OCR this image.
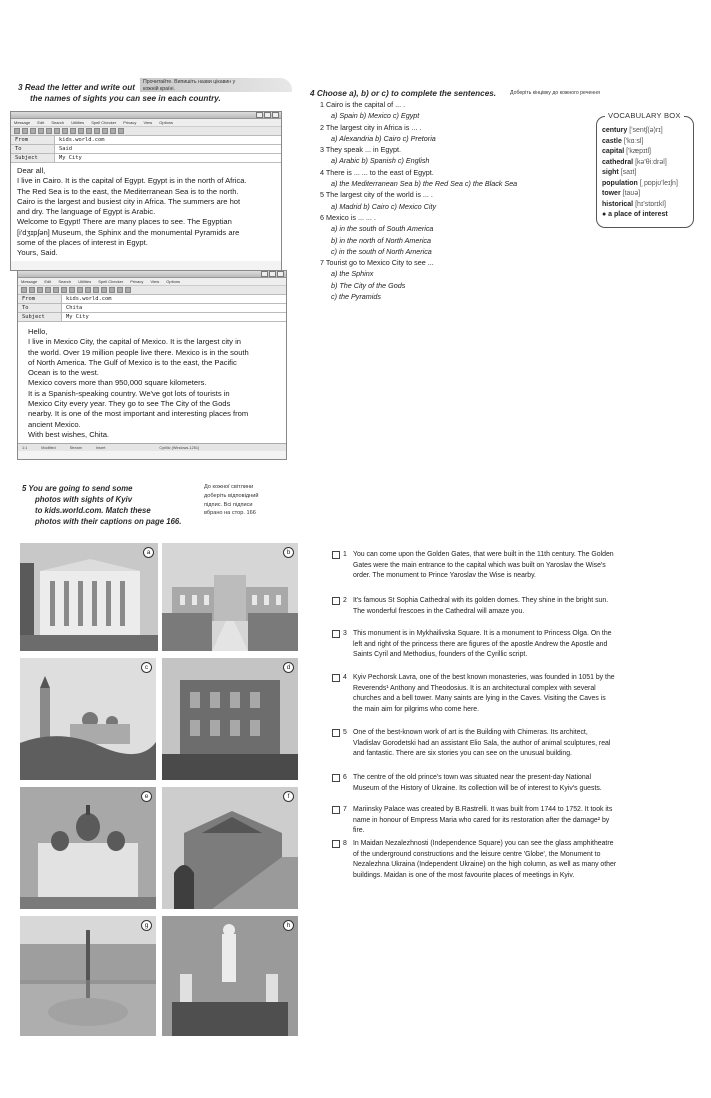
3 Read the letter and write out
the names of sights you can see in each country.
Прочитайте. Випишіть назви цікавин у
кожній країні.
Message Edit Search Utilities Spell Checker Privacy View Options
From	kids.world.com
To	Said
Subject	My City
Dear all,
I live in Cairo. It is the capital of Egypt. Egypt is in the north of Africa.
The Red Sea is to the east, the Mediterranean Sea is to the north.
Cairo is the largest and busiest city in Africa. The summers are hot
and dry. The language of Egypt is Arabic.
Welcome to Egypt! There are many places to see. The Egyptian
[i'dʒɪpʃən] Museum, the Sphinx and the monumental Pyramids are
some of the places of interest in Egypt.
Yours, Said.
Message Edit Search Utilities Spell Checker Privacy View Options
From	kids.world.com
To	Chita
Subject	My City
Hello,
I live in Mexico City, the capital of Mexico. It is the largest city in
the world. Over 19 million people live there. Mexico is in the south
of North America. The Gulf of Mexico is to the east, the Pacific
Ocean is to the west.
Mexico covers more than 950,000 square kilometers.
It is a Spanish-speaking country. We've got lots of tourists in
Mexico City every year. They go to see The City of the Gods
nearby. It is one of the most important and interesting places from
ancient Mexico.
With best wishes, Chita.
1:1	Modified	Stream	Insert	Cyrillic (Windows-1251)
4 Choose a), b) or c) to complete the sentences.	Доберіть кінцівку до кожного речення
1 Cairo is the capital of ... .
a) Spain b) Mexico c) Egypt
2 The largest city in Africa is ... .
a) Alexandria b) Cairo c) Pretoria
3 They speak ... in Egypt.
a) Arabic b) Spanish c) English
4 There is ... ... to the east of Egypt.
a) the Mediterranean Sea b) the Red Sea c) the Black Sea
5 The largest city of the world is ... .
a) Madrid b) Cairo c) Mexico City
6 Mexico is ... ... .
a) in the south of South America
b) in the north of North America
c) in the south of North America
7 Tourist go to Mexico City to see ...
a) the Sphinx
b) The City of the Gods
c) the Pyramids
VOCABULARY BOX
century ['sentʃ(ə)rɪ]
castle ['kɑːsl]
capital ['kæpɪtl]
cathedral [kə'θiːdrəl]
sight [saɪt]
population [ˌpɒpjʊ'leɪʃn]
tower [taʊə]
historical [hɪ'stɒrɪkl]
● a place of interest
5 You are going to send some
photos with sights of Kyiv
to kids.world.com. Match these
photos with their captions on page 166.
До кожної світлини
доберіть відповідний
підпис. Всі підписи
вбрано на стор. 166
a	b
c	d
e	f
g	h
1 You can come upon the Golden Gates, that were built in the 11th century. The Golden Gates were the main entrance to the capital which was built on Yaroslav the Wise's order. The monument to Prince Yaroslav the Wise is nearby.
2 It's famous St Sophia Cathedral with its golden domes. They shine in the bright sun. The wonderful frescoes in the Cathedral will amaze you.
3 This monument is in Mykhailivska Square. It is a monument to Princess Olga. On the left and right of the princess there are figures of the apostle Andrew the Apostle and Saints Cyril and Methodius, founders of the Cyrillic script.
4 Kyiv Pechorsk Lavra, one of the best known monasteries, was founded in 1051 by the Reverends¹ Anthony and Theodosius. It is an architectural complex with several churches and a bell tower. Many saints are lying in the Caves. Visiting the Caves is the main aim for pilgrims who come here.
5 One of the best-known work of art is the Building with Chimeras. Its architect, Vladislav Gorodetski had an assistant Elio Sala, the author of animal sculptures, real and fantastic. There are six stories you can see on the unusual building.
6 The centre of the old prince's town was situated near the present-day National Museum of the History of Ukraine. Its collection will be of interest to Kyiv's guests.
7 Mariinsky Palace was created by B.Rastrelli. It was built from 1744 to 1752. It took its name in honour of Empress Maria who cared for its restoration after the damage² by fire.
8 In Maidan Nezalezhnosti (Independence Square) you can see the glass amphitheatre of the underground constructions and the leisure centre 'Globe', the Monument to Nezalezhna Ukraina (Independent Ukraine) on the high column, as well as many other buildings. Maidan is one of the most favourite places of meetings in Kyiv.
